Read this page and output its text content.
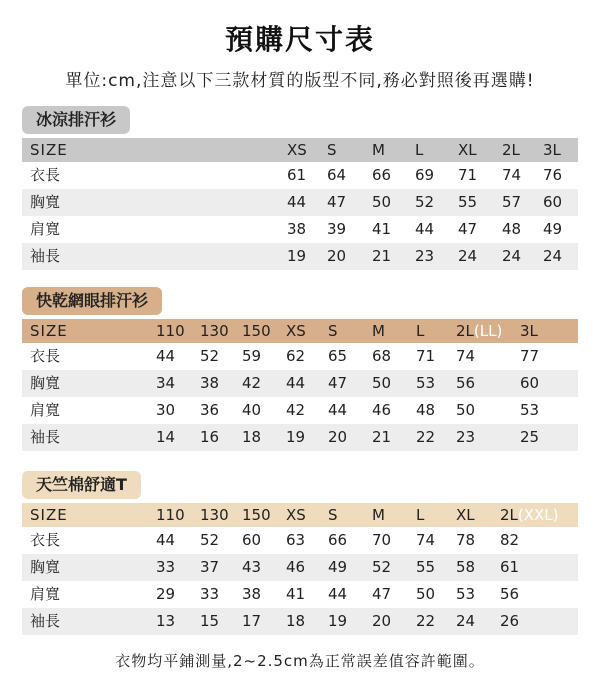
預購尺寸表
單位:cm,注意以下三款材質的版型不同,務必對照後再選購!
冰涼排汗衫
SIZE	XS S M L XL 2L 3L
衣長	61 64 66 69 71 74 76
胸寬	44 47 50 52 55 57 60
肩寬	38 39 41 44 47 48 49
袖長	19 20 21 23 24 24 24
快乾網眼排汗衫
SIZE	110 130 150 XS S M L 2L(LL) 3L
衣長	44 52 59 62 65 68 71 74	77
胸寬	34 38 42 44 47 50 53 56	60
肩寬	30 36 40 42 44 46 48 50	53
袖長	14 16 18 19 20 21 22 23	25
天竺棉舒適T
SIZE	110 130 150 XS S M L XL 2L(XXL)
衣長	44 52 60 63 66 70 74 78 82
胸寬	33 37 43 46 49 52 55 58 61
肩寬	29 33 38 41 44 47 50 53 56
袖長	13 15 17 18 19 20 22 24 26
衣物均平鋪測量,2~2.5cm為正常誤差值容許範圍。
